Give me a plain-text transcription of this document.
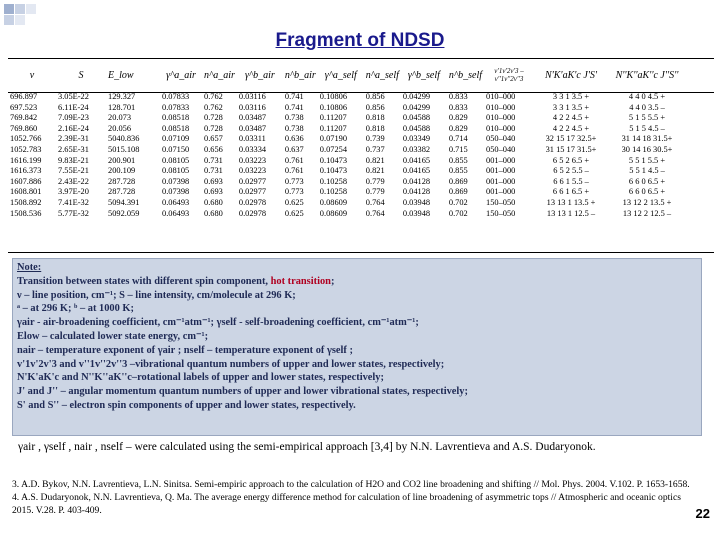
Fragment of NDSD
ν	S	E_low	γ^a_air	n^a_air	γ^b_air	n^b_air	γ^a_self	n^a_self	γ^b_self	n^b_self	v'1v'2v'3 – v''1v''2v''3	N'K'aK'c J'S'	N''K''aK''c J''S''
696.897	3.05E-22	129.327	0.07833	0.762	0.03116	0.741	0.10806	0.856	0.04299	0.833	010–000	3 3 1 3.5 +	4 4 0 4.5 +
697.523	6.11E-24	128.701	0.07833	0.762	0.03116	0.741	0.10806	0.856	0.04299	0.833	010–000	3 3 1 3.5 +	4 4 0 3.5 –
769.842	7.09E-23	20.073	0.08518	0.728	0.03487	0.738	0.11207	0.818	0.04588	0.829	010–000	4 2 2 4.5 +	5 1 5 5.5 +
769.860	2.16E-24	20.056	0.08518	0.728	0.03487	0.738	0.11207	0.818	0.04588	0.829	010–000	4 2 2 4.5 +	5 1 5 4.5 –
1052.766	2.39E-31	5040.836	0.07109	0.657	0.03311	0.636	0.07190	0.739	0.03349	0.714	050–040	32 15 17 32.5+	31 14 18 31.5+
1052.783	2.65E-31	5015.108	0.07150	0.656	0.03334	0.637	0.07254	0.737	0.03382	0.715	050–040	31 15 17 31.5+	30 14 16 30.5+
1616.199	9.83E-21	200.901	0.08105	0.731	0.03223	0.761	0.10473	0.821	0.04165	0.855	001–000	6 5 2 6.5 +	5 5 1 5.5 +
1616.373	7.55E-21	200.109	0.08105	0.731	0.03223	0.761	0.10473	0.821	0.04165	0.855	001–000	6 5 2 5.5 –	5 5 1 4.5 –
1607.886	2.43E-22	287.728	0.07398	0.693	0.02977	0.773	0.10258	0.779	0.04128	0.869	001–000	6 6 1 5.5 –	6 6 0 6.5 +
1608.801	3.97E-20	287.728	0.07398	0.693	0.02977	0.773	0.10258	0.779	0.04128	0.869	001–000	6 6 1 6.5 +	6 6 0 6.5 +
1508.892	7.41E-32	5094.391	0.06493	0.680	0.02978	0.625	0.08609	0.764	0.03948	0.702	150–050	13 13 1 13.5 +	13 12 2 13.5 +
1508.536	5.77E-32	5092.059	0.06493	0.680	0.02978	0.625	0.08609	0.764	0.03948	0.702	150–050	13 13 1 12.5 –	13 12 2 12.5 –
Note:
Transition between states with different spin component, hot transition;
ν – line position, cm⁻¹; S – line intensity, cm/molecule at 296 K;
ᵃ – at 296 K; ᵇ – at 1000 K;
γair - air-broadening coefficient, cm⁻¹atm⁻¹; γself - self-broadening coefficient, cm⁻¹atm⁻¹;
Elow – calculated lower state energy, cm⁻¹;
nair – temperature exponent of γair ; nself – temperature exponent of γself ;
v'1v'2v'3 and v''1v''2v''3 –vibrational quantum numbers of upper and lower states, respectively;
N'K'aK'c and N''K''aK''c–rotational labels of upper and lower states, respectively;
J' and J'' – angular momentum quantum numbers of upper and lower vibrational states, respectively;
S' and S'' – electron spin components of upper and lower states, respectively.
γair , γself , nair , nself – were calculated using the semi-empirical approach [3,4] by N.N. Lavrentieva and A.S. Dudaryonok.
3. A.D. Bykov, N.N. Lavrentieva, L.N. Sinitsa. Semi-empiric approach to the calculation of H2O and CO2 line broadening and shifting // Mol. Phys. 2004. V.102. P. 1653-1658.
4. A.S. Dudaryonok, N.N. Lavrentieva, Q. Ma. The average energy difference method for calculation of line broadening of asymmetric tops // Atmospheric and oceanic optics 2015. V.28. P. 403-409.	22
